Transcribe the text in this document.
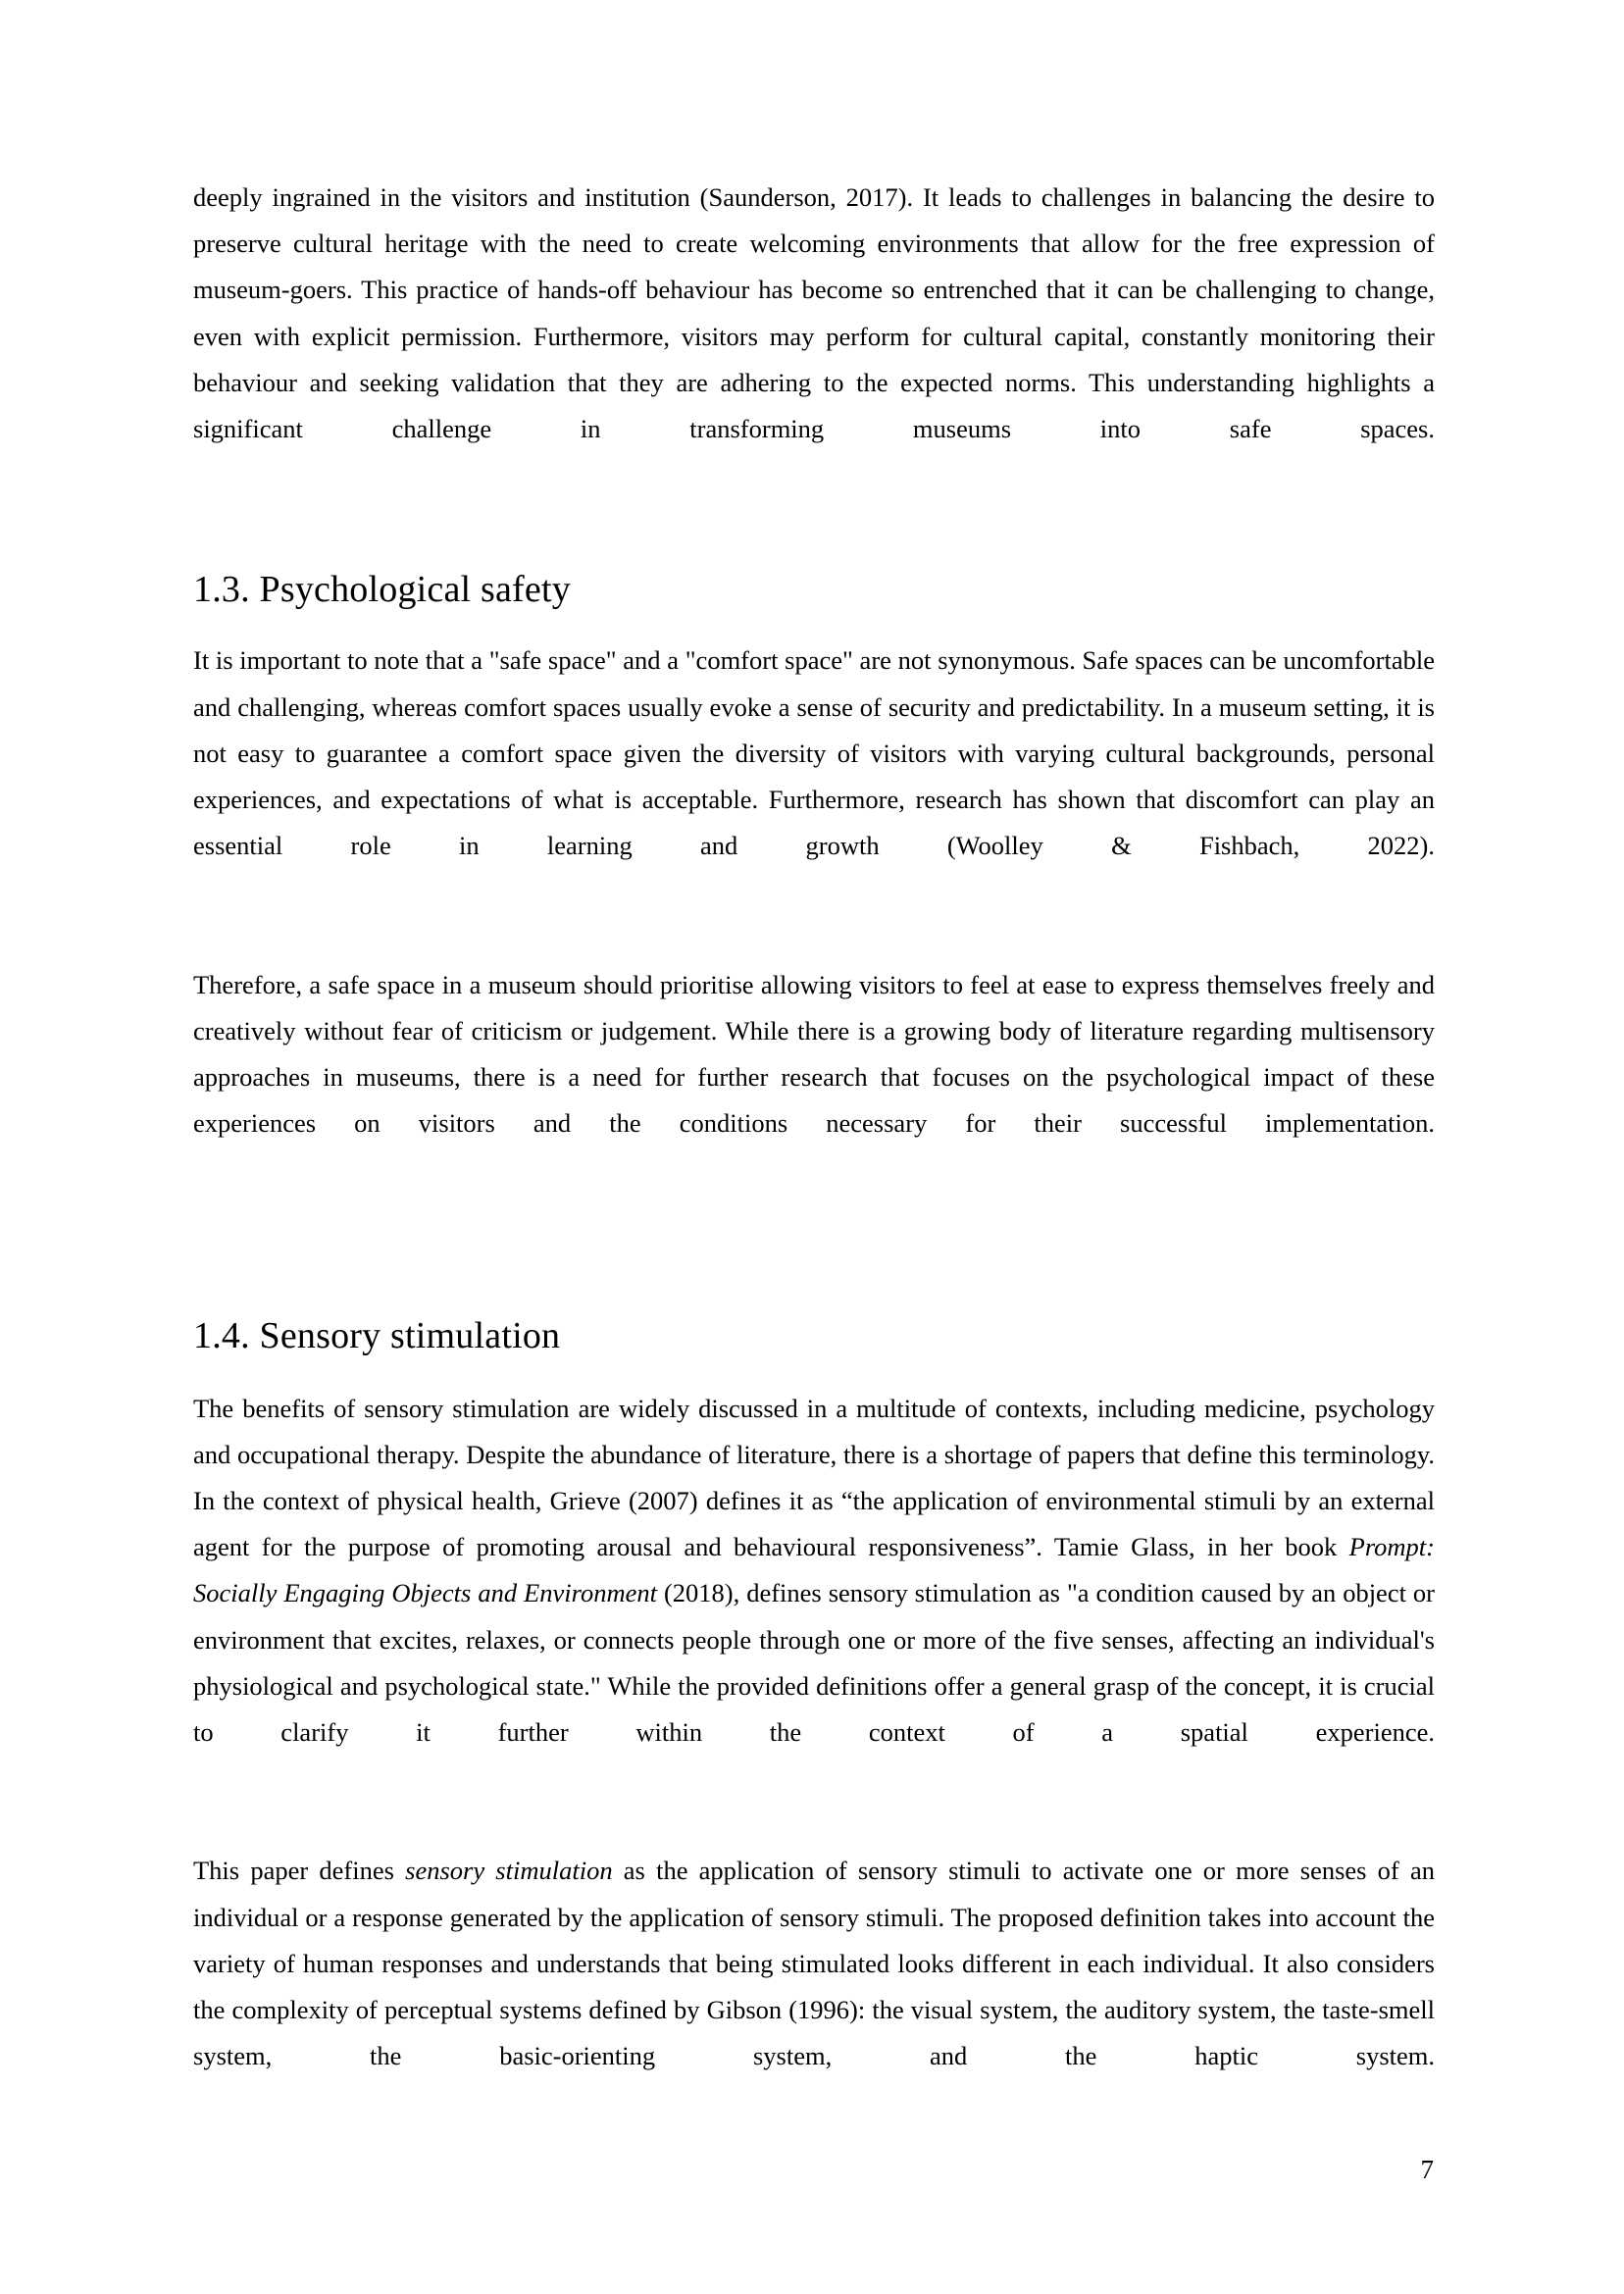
deeply ingrained in the visitors and institution (Saunderson, 2017). It leads to challenges in balancing the desire to preserve cultural heritage with the need to create welcoming environments that allow for the free expression of museum-goers. This practice of hands-off behaviour has become so entrenched that it can be challenging to change, even with explicit permission. Furthermore, visitors may perform for cultural capital, constantly monitoring their behaviour and seeking validation that they are adhering to the expected norms. This understanding highlights a significant challenge in transforming museums into safe spaces.

1.3. Psychological safety

It is important to note that a "safe space" and a "comfort space" are not synonymous. Safe spaces can be uncomfortable and challenging, whereas comfort spaces usually evoke a sense of security and predictability. In a museum setting, it is not easy to guarantee a comfort space given the diversity of visitors with varying cultural backgrounds, personal experiences, and expectations of what is acceptable. Furthermore, research has shown that discomfort can play an essential role in learning and growth (Woolley & Fishbach, 2022).

Therefore, a safe space in a museum should prioritise allowing visitors to feel at ease to express themselves freely and creatively without fear of criticism or judgement. While there is a growing body of literature regarding multisensory approaches in museums, there is a need for further research that focuses on the psychological impact of these experiences on visitors and the conditions necessary for their successful implementation.

1.4. Sensory stimulation

The benefits of sensory stimulation are widely discussed in a multitude of contexts, including medicine, psychology and occupational therapy. Despite the abundance of literature, there is a shortage of papers that define this terminology. In the context of physical health, Grieve (2007) defines it as “the application of environmental stimuli by an external agent for the purpose of promoting arousal and behavioural responsiveness”. Tamie Glass, in her book Prompt: Socially Engaging Objects and Environment (2018), defines sensory stimulation as "a condition caused by an object or environment that excites, relaxes, or connects people through one or more of the five senses, affecting an individual's physiological and psychological state." While the provided definitions offer a general grasp of the concept, it is crucial to clarify it further within the context of a spatial experience.

This paper defines sensory stimulation as the application of sensory stimuli to activate one or more senses of an individual or a response generated by the application of sensory stimuli. The proposed definition takes into account the variety of human responses and understands that being stimulated looks different in each individual. It also considers the complexity of perceptual systems defined by Gibson (1996): the visual system, the auditory system, the taste-smell system, the basic-orienting system, and the haptic system.

7
